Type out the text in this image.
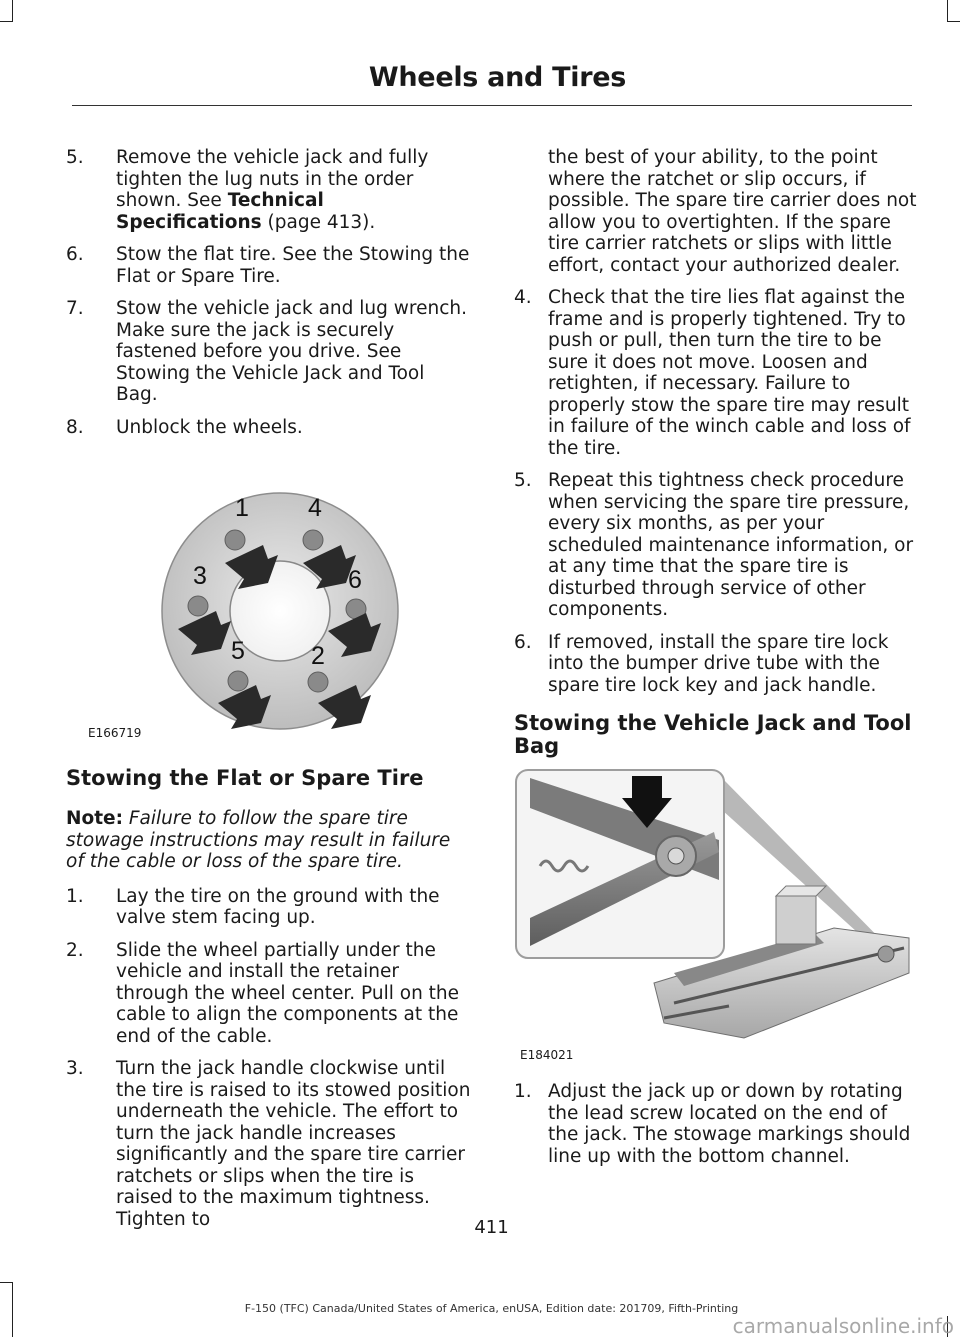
Wheels and Tires
5. Remove the vehicle jack and fully tighten the lug nuts in the order shown. See Technical Specifications (page 413).
6. Stow the flat tire. See the Stowing the Flat or Spare Tire.
7. Stow the vehicle jack and lug wrench. Make sure the jack is securely fastened before you drive. See Stowing the Vehicle Jack and Tool Bag.
8. Unblock the wheels.
1 4
3	6
5	2
E166719
Stowing the Flat or Spare Tire

Note: Failure to follow the spare tire stowage instructions may result in failure of the cable or loss of the spare tire.

1. Lay the tire on the ground with the valve stem facing up.
2. Slide the wheel partially under the vehicle and install the retainer through the wheel center. Pull on the cable to align the components at the end of the cable.
3. Turn the jack handle clockwise until the tire is raised to its stowed position underneath the vehicle. The effort to turn the jack handle increases significantly and the spare tire carrier ratchets or slips when the tire is raised to the maximum tightness. Tighten to

the best of your ability, to the point where the ratchet or slip occurs, if possible. The spare tire carrier does not allow you to overtighten. If the spare tire carrier ratchets or slips with little effort, contact your authorized dealer.

4. Check that the tire lies flat against the frame and is properly tightened. Try to push or pull, then turn the tire to be sure it does not move. Loosen and retighten, if necessary. Failure to properly stow the spare tire may result in failure of the winch cable and loss of the tire.
5. Repeat this tightness check procedure when servicing the spare tire pressure, every six months, as per your scheduled maintenance information, or at any time that the spare tire is disturbed through service of other components.
6. If removed, install the spare tire lock into the bumper drive tube with the spare tire lock key and jack handle.
Stowing the Vehicle Jack and Tool Bag
E184021
1. Adjust the jack up or down by rotating the lead screw located on the end of the jack. The stowage markings should line up with the bottom channel.
411
F-150 (TFC) Canada/United States of America, enUSA, Edition date: 201709, Fifth-Printing
carmanualsonline.info
